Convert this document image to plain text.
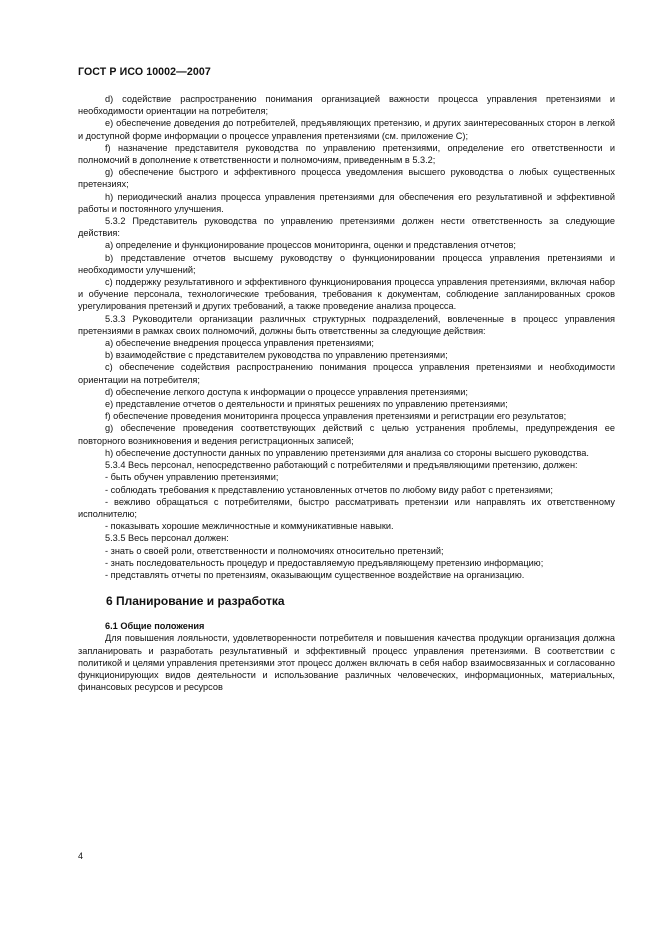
ГОСТ Р ИСО 10002—2007

d) содействие распространению понимания организацией важности процесса управления претензиями и необходимости ориентации на потребителя;

e) обеспечение доведения до потребителей, предъявляющих претензию, и других заинтересованных сторон в легкой и доступной форме информации о процессе управления претензиями (см. приложение С);

f) назначение представителя руководства по управлению претензиями, определение его ответственности и полномочий в дополнение к ответственности и полномочиям, приведенным в 5.3.2;

g) обеспечение быстрого и эффективного процесса уведомления высшего руководства о любых существенных претензиях;

h) периодический анализ процесса управления претензиями для обеспечения его результативной и эффективной работы и постоянного улучшения.

5.3.2 Представитель руководства по управлению претензиями должен нести ответственность за следующие действия:

a) определение и функционирование процессов мониторинга, оценки и представления отчетов;

b) представление отчетов высшему руководству о функционировании процесса управления претензиями и необходимости улучшений;

c) поддержку результативного и эффективного функционирования процесса управления претензиями, включая набор и обучение персонала, технологические требования, требования к документам, соблюдение запланированных сроков урегулирования претензий и других требований, а также проведение анализа процесса.

5.3.3 Руководители организации различных структурных подразделений, вовлеченные в процесс управления претензиями в рамках своих полномочий, должны быть ответственны за следующие действия:

a) обеспечение внедрения процесса управления претензиями;

b) взаимодействие с представителем руководства по управлению претензиями;

c) обеспечение содействия распространению понимания процесса управления претензиями и необходимости ориентации на потребителя;

d) обеспечение легкого доступа к информации о процессе управления претензиями;

e) представление отчетов о деятельности и принятых решениях по управлению претензиями;

f) обеспечение проведения мониторинга процесса управления претензиями и регистрации его результатов;

g) обеспечение проведения соответствующих действий с целью устранения проблемы, предупреждения ее повторного возникновения и ведения регистрационных записей;

h) обеспечение доступности данных по управлению претензиями для анализа со стороны высшего руководства.

5.3.4 Весь персонал, непосредственно работающий с потребителями и предъявляющими претензию, должен:

- быть обучен управлению претензиями;

- соблюдать требования к представлению установленных отчетов по любому виду работ с претензиями;

- вежливо обращаться с потребителями, быстро рассматривать претензии или направлять их ответственному исполнителю;

- показывать хорошие межличностные и коммуникативные навыки.

5.3.5 Весь персонал должен:

- знать о своей роли, ответственности и полномочиях относительно претензий;

- знать последовательность процедур и предоставляемую предъявляющему претензию информацию;

- представлять отчеты по претензиям, оказывающим существенное воздействие на организацию.

6 Планирование и разработка

6.1 Общие положения

Для повышения лояльности, удовлетворенности потребителя и повышения качества продукции организация должна запланировать и разработать результативный и эффективный процесс управления претензиями. В соответствии с политикой и целями управления претензиями этот процесс должен включать в себя набор взаимосвязанных и согласованно функционирующих видов деятельности и использование различных человеческих, информационных, материальных, финансовых ресурсов и ресурсов

4
